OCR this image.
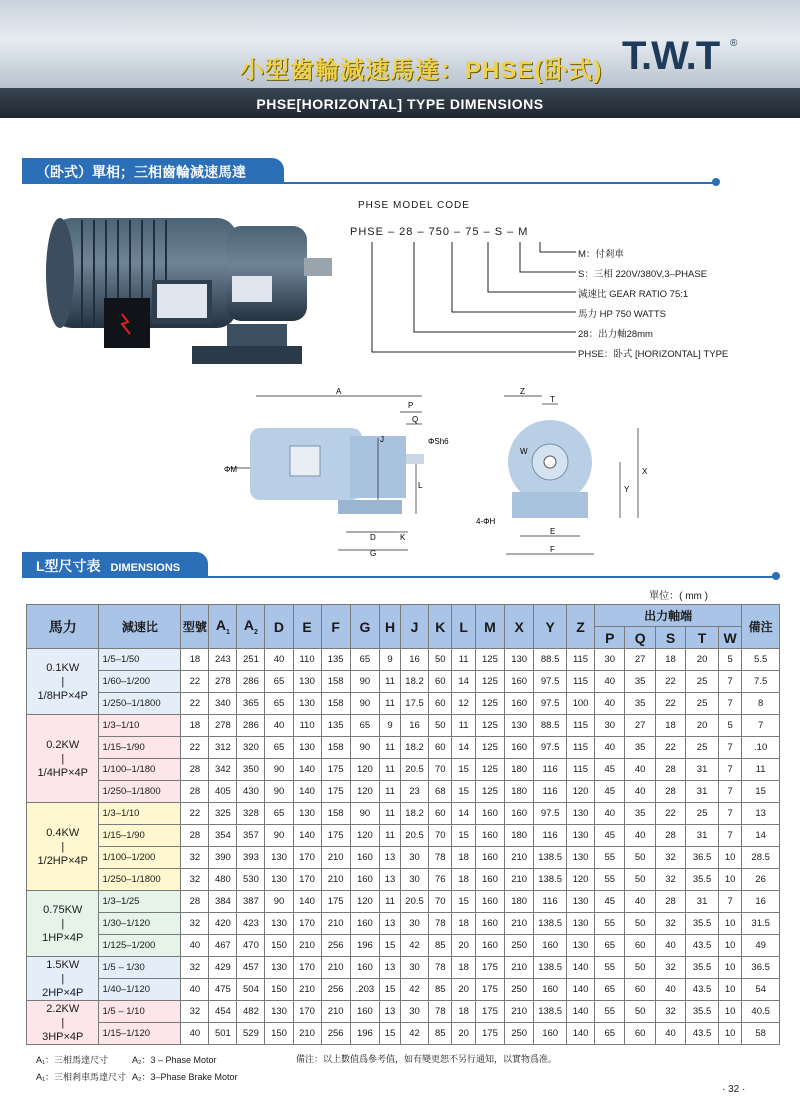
小型齒輪減速馬達：PHSE(卧式) T.W.T ®
PHSE[HORIZONTAL] TYPE DIMENSIONS
（卧式）單相；三相齒輪減速馬達
PHSE MODEL CODE
PHSE – 28 – 750 – 75 – S – M
M：付剎車
S：三相 220V/380V,3–PHASE
減速比 GEAR RATIO 75:1
馬力 HP 750 WATTS
28：出力軸28mm
PHSE：卧式 [HORIZONTAL] TYPE
A
P
Q
J	ΦSh6
ΦM
L
D	K
G
Z
T
W
X
Y
4-ΦH
E
F
L型尺寸表 DIMENSIONS
單位：( mm )
馬力	減速比	型號	$A_1$	$A_2$	D	E	F	G	H	J	K	L	M	X	Y	Z	出力軸端					備注
																	P	Q	S	T	W	
0.1KW
|
1/8HP×4P	1/5–1/50	18	243	251	40	110	135	65	9	16	50	11	125	130	88.5	115	30	27	18	20	5	5.5
	1/60–1/200	22	278	286	65	130	158	90	11	18.2	60	14	125	160	97.5	115	40	35	22	25	7	7.5
	1/250–1/1800	22	340	365	65	130	158	90	11	17.5	60	12	125	160	97.5	100	40	35	22	25	7	8
0.2KW
|
1/4HP×4P	1/3–1/10	18	278	286	40	110	135	65	9	16	50	11	125	130	88.5	115	30	27	18	20	5	7
	1/15–1/90	22	312	320	65	130	158	90	11	18.2	60	14	125	160	97.5	115	40	35	22	25	7	.10
	1/100–1/180	28	342	350	90	140	175	120	11	20.5	70	15	125	180	116	115	45	40	28	31	7	11
	1/250–1/1800	28	405	430	90	140	175	120	11	23	68	15	125	180	116	120	45	40	28	31	7	15
0.4KW
|
1/2HP×4P	1/3–1/10	22	325	328	65	130	158	90	11	18.2	60	14	160	160	97.5	130	40	35	22	25	7	13
	1/15–1/90	28	354	357	90	140	175	120	11	20.5	70	15	160	180	116	130	45	40	28	31	7	14
	1/100–1/200	32	390	393	130	170	210	160	13	30	78	18	160	210	138.5	130	55	50	32	36.5	10	28.5
	1/250–1/1800	32	480	530	130	170	210	160	13	30	76	18	160	210	138.5	120	55	50	32	35.5	10	26
0.75KW
|
1HP×4P	1/3–1/25	28	384	387	90	140	175	120	11	20.5	70	15	160	180	116	130	45	40	28	31	7	16
	1/30–1/120	32	420	423	130	170	210	160	13	30	78	18	160	210	138.5	130	55	50	32	35.5	10	31.5
	1/125–1/200	40	467	470	150	210	256	196	15	42	85	20	160	250	160	130	65	60	40	43.5	10	49
1.5KW
|
2HP×4P	1/5 – 1/30	32	429	457	130	170	210	160	13	30	78	18	175	210	138.5	140	55	50	32	35.5	10	36.5
	1/40–1/120	40	475	504	150	210	256	.203	15	42	85	20	175	250	160	140	65	60	40	43.5	10	54
2.2KW
|
3HP×4P	1/5 – 1/10	32	454	482	130	170	210	160	13	30	78	18	175	210	138.5	140	55	50	32	35.5	10	40.5
	1/15–1/120	40	501	529	150	210	256	196	15	42	85	20	175	250	160	140	65	60	40	43.5	10	58
A₁：三相馬達尺寸	A₂：3 – Phase Motor
A₁：三相剎車馬達尺寸 A₂：3–Phase Brake Motor
備注：以上數值爲參考值，如有變更恕不另行通知，以實物爲准。
· 32 ·
